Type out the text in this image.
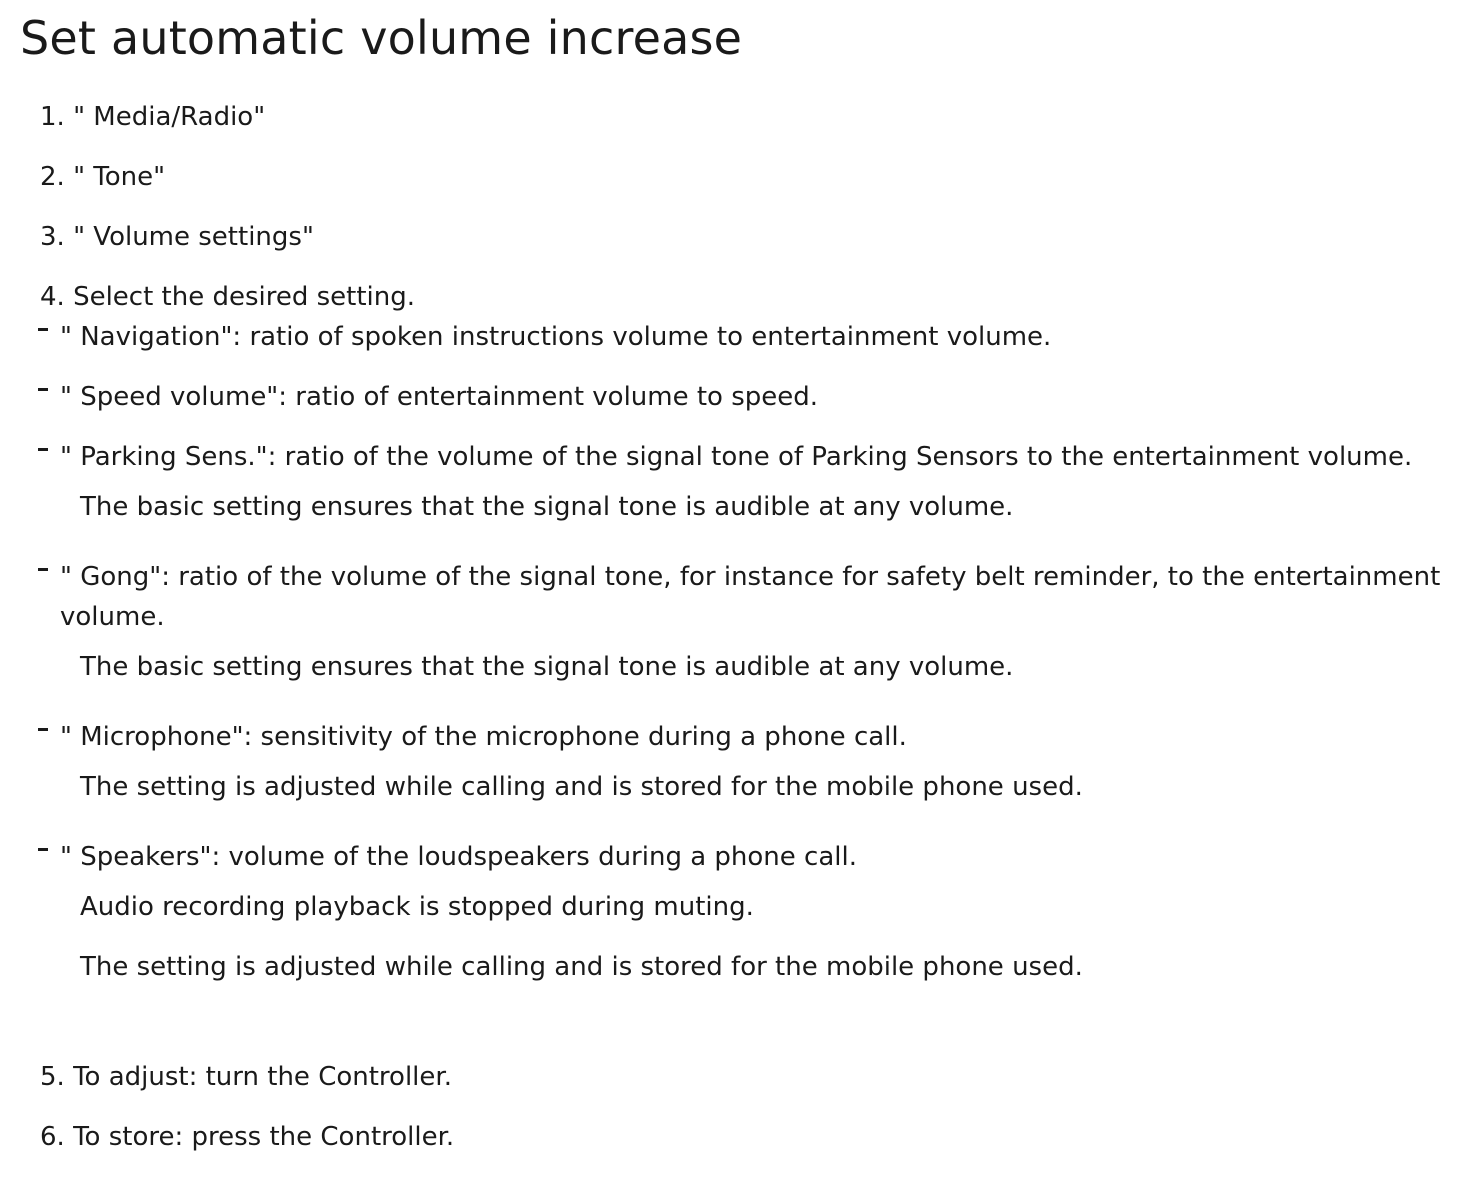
Set automatic volume increase
1. " Media/Radio"
2. " Tone"
3. " Volume settings"
4. Select the desired setting.
" Navigation": ratio of spoken instructions volume to entertainment volume.
" Speed volume": ratio of entertainment volume to speed.
" Parking Sens.": ratio of the volume of the signal tone of Parking Sensors to the entertainment volume.
The basic setting ensures that the signal tone is audible at any volume.
" Gong": ratio of the volume of the signal tone, for instance for safety belt reminder, to the entertainment
volume.
The basic setting ensures that the signal tone is audible at any volume.
" Microphone": sensitivity of the microphone during a phone call.
The setting is adjusted while calling and is stored for the mobile phone used.
" Speakers": volume of the loudspeakers during a phone call.
Audio recording playback is stopped during muting.
The setting is adjusted while calling and is stored for the mobile phone used.
5. To adjust: turn the Controller.
6. To store: press the Controller.
